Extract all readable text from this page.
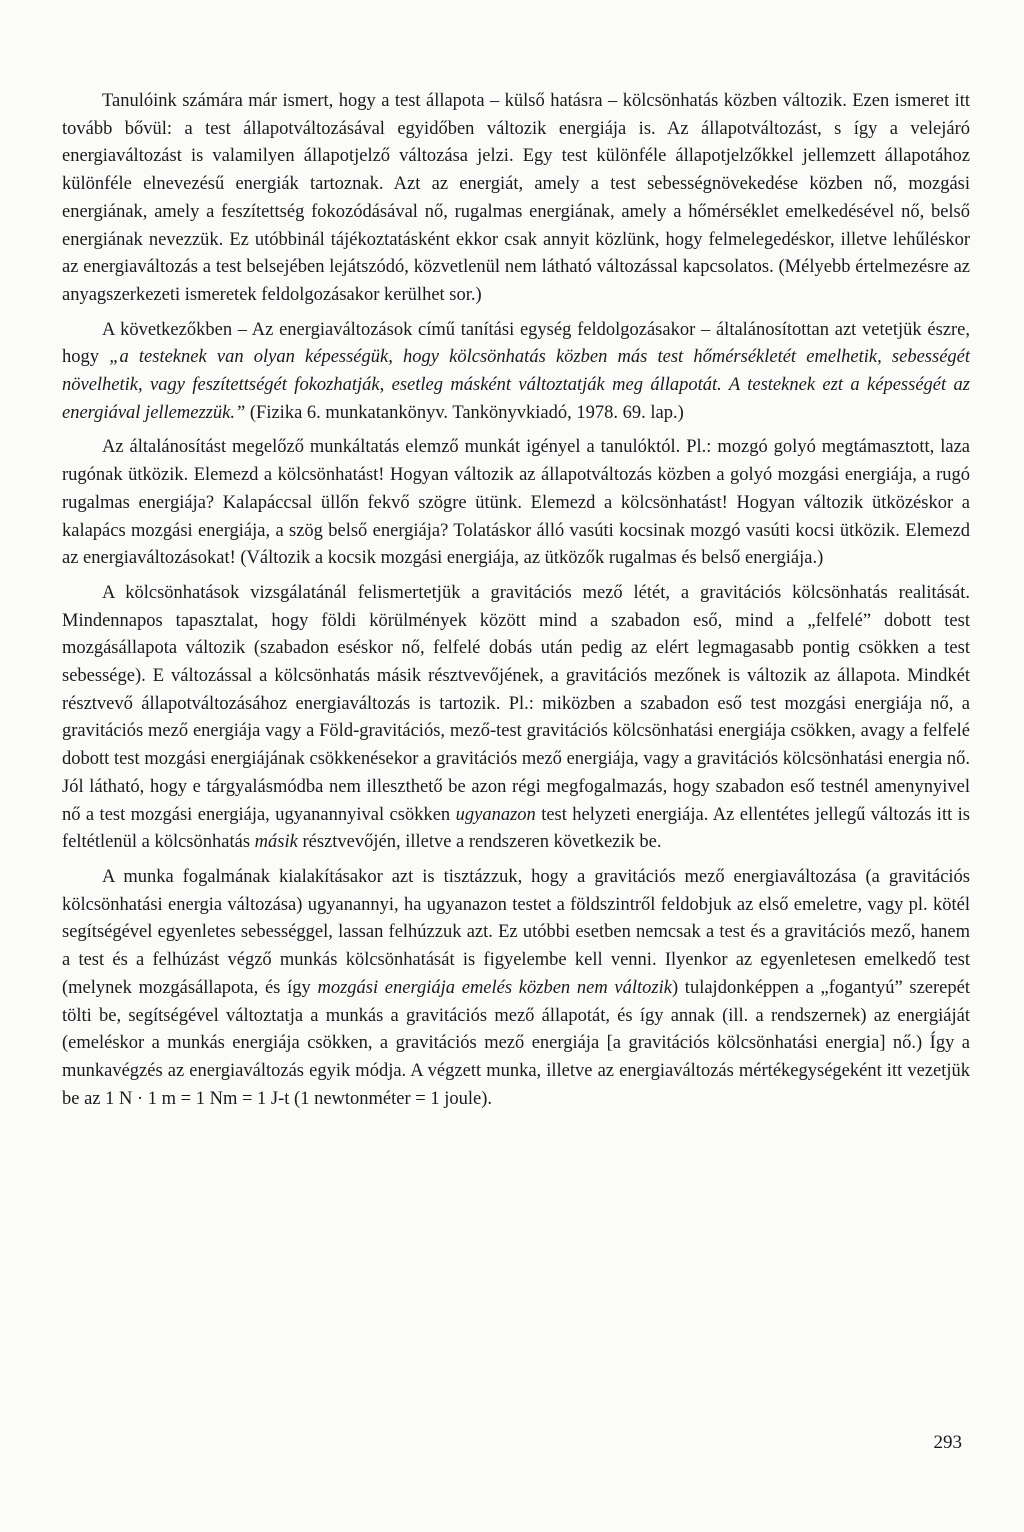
Tanulóink számára már ismert, hogy a test állapota – külső hatásra – kölcsönhatás közben változik. Ezen ismeret itt tovább bővül: a test állapotváltozásával egyidőben változik energiája is. Az állapotváltozást, s így a velejáró energiaváltozást is valamilyen állapotjelző változása jelzi. Egy test különféle állapotjelzőkkel jellemzett állapotához különféle elnevezésű energiák tartoznak. Azt az energiát, amely a test sebességnövekedése közben nő, mozgási energiának, amely a feszítettség fokozódásával nő, rugalmas energiának, amely a hőmérséklet emelkedésével nő, belső energiának nevezzük. Ez utóbbinál tájékoztatásként ekkor csak annyit közlünk, hogy felmelegedéskor, illetve lehűléskor az energiaváltozás a test belsejében lejátszódó, közvetlenül nem látható változással kapcsolatos. (Mélyebb értelmezésre az anyagszerkezeti ismeretek feldolgozásakor kerülhet sor.)

A következőkben – Az energiaváltozások című tanítási egység feldolgozásakor – általánosítottan azt vetetjük észre, hogy „a testeknek van olyan képességük, hogy kölcsönhatás közben más test hőmérsékletét emelhetik, sebességét növelhetik, vagy feszítettségét fokozhatják, esetleg másként változtatják meg állapotát. A testeknek ezt a képességét az energiával jellemezzük.” (Fizika 6. munkatankönyv. Tankönyvkiadó, 1978. 69. lap.)

Az általánosítást megelőző munkáltatás elemző munkát igényel a tanulóktól. Pl.: mozgó golyó megtámasztott, laza rugónak ütközik. Elemezd a kölcsönhatást! Hogyan változik az állapotváltozás közben a golyó mozgási energiája, a rugó rugalmas energiája? Kalapáccsal üllőn fekvő szögre ütünk. Elemezd a kölcsönhatást! Hogyan változik ütközéskor a kalapács mozgási energiája, a szög belső energiája? Tolatáskor álló vasúti kocsinak mozgó vasúti kocsi ütközik. Elemezd az energiaváltozásokat! (Változik a kocsik mozgási energiája, az ütközők rugalmas és belső energiája.)

A kölcsönhatások vizsgálatánál felismertetjük a gravitációs mező létét, a gravitációs kölcsönhatás realitását. Mindennapos tapasztalat, hogy földi körülmények között mind a szabadon eső, mind a „felfelé” dobott test mozgásállapota változik (szabadon eséskor nő, felfelé dobás után pedig az elért legmagasabb pontig csökken a test sebessége). E változással a kölcsönhatás másik résztvevőjének, a gravitációs mezőnek is változik az állapota. Mindkét résztvevő állapotváltozásához energiaváltozás is tartozik. Pl.: miközben a szabadon eső test mozgási energiája nő, a gravitációs mező energiája vagy a Föld-gravitációs, mező-test gravitációs kölcsönhatási energiája csökken, avagy a felfelé dobott test mozgási energiájának csökkenésekor a gravitációs mező energiája, vagy a gravitációs kölcsönhatási energia nő. Jól látható, hogy e tárgyalásmódba nem illeszthető be azon régi megfogalmazás, hogy szabadon eső testnél amenynyivel nő a test mozgási energiája, ugyanannyival csökken ugyanazon test helyzeti energiája. Az ellentétes jellegű változás itt is feltétlenül a kölcsönhatás másik résztvevőjén, illetve a rendszeren következik be.

A munka fogalmának kialakításakor azt is tisztázzuk, hogy a gravitációs mező energiaváltozása (a gravitációs kölcsönhatási energia változása) ugyanannyi, ha ugyanazon testet a földszintről feldobjuk az első emeletre, vagy pl. kötél segítségével egyenletes sebességgel, lassan felhúzzuk azt. Ez utóbbi esetben nemcsak a test és a gravitációs mező, hanem a test és a felhúzást végző munkás kölcsönhatását is figyelembe kell venni. Ilyenkor az egyenletesen emelkedő test (melynek mozgásállapota, és így mozgási energiája emelés közben nem változik) tulajdonképpen a „fogantyú” szerepét tölti be, segítségével változtatja a munkás a gravitációs mező állapotát, és így annak (ill. a rendszernek) az energiáját (emeléskor a munkás energiája csökken, a gravitációs mező energiája [a gravitációs kölcsönhatási energia] nő.) Így a munkavégzés az energiaváltozás egyik módja. A végzett munka, illetve az energiaváltozás mértékegységeként itt vezetjük be az 1 N · 1 m = 1 Nm = 1 J-t (1 newtonméter = 1 joule).

293
